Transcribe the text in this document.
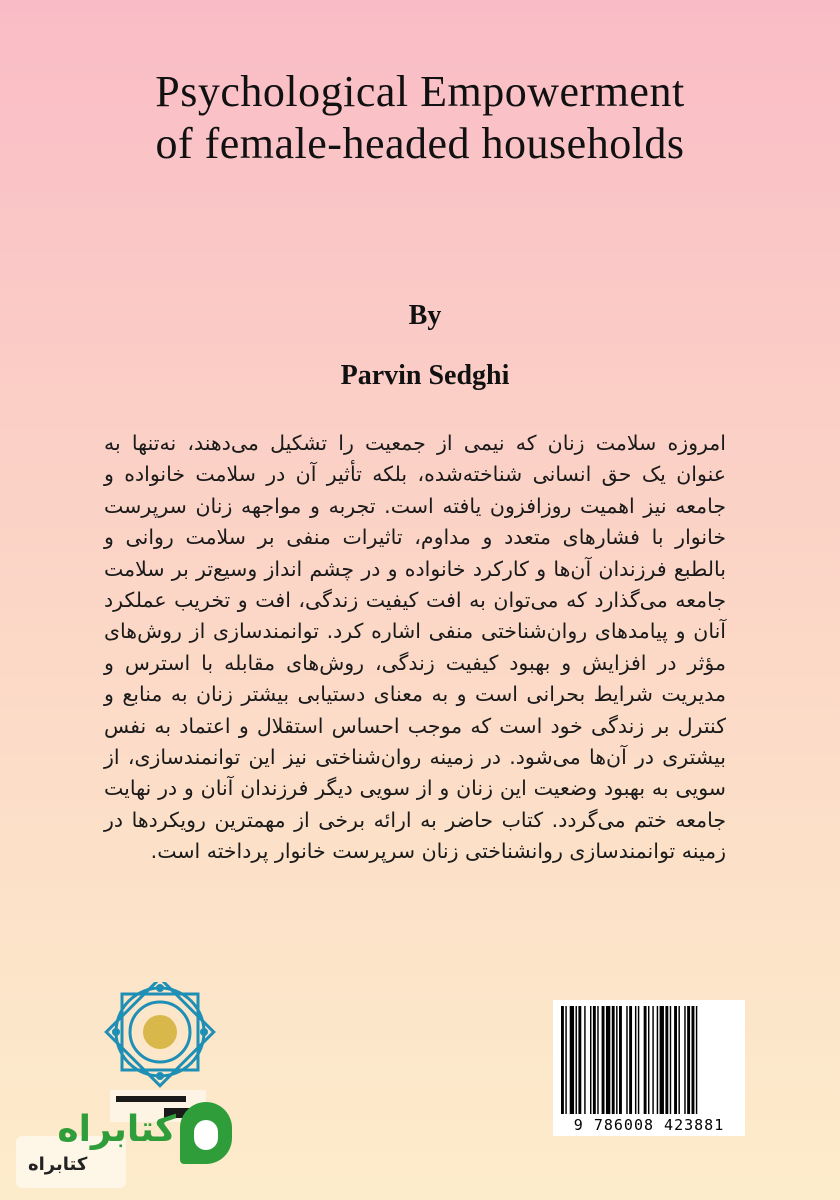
Psychological Empowerment
of female-headed households
By
Parvin Sedghi
امروزه سلامت زنان که نیمی از جمعیت را تشکیل می‌دهند، نه‌تنها به عنوان یک حق انسانی شناخته‌شده، بلکه تأثیر آن در سلامت خانواده و جامعه نیز اهمیت روزافزون یافته است. تجربه و مواجهه زنان سرپرست خانوار با فشارهای متعدد و مداوم، تاثیرات منفی بر سلامت روانی و بالطبع فرزندان آن‌ها و کارکرد خانواده و در چشم انداز وسیع‌تر بر سلامت جامعه می‌گذارد که می‌توان به افت کیفیت زندگی، افت و تخریب عملکرد آنان و پیامدهای روان‌شناختی منفی اشاره کرد. توانمندسازی از روش‌های مؤثر در افزایش و بهبود کیفیت زندگی، روش‌های مقابله با استرس و مدیریت شرایط بحرانی است و به معنای دستیابی بیشتر زنان به منابع و کنترل بر زندگی خود است که موجب احساس استقلال و اعتماد به نفس بیشتری در آن‌ها می‌شود. در زمینه روان‌شناختی نیز این توانمندسازی، از سویی به بهبود وضعیت این زنان و از سویی دیگر فرزندان آنان و در نهایت جامعه ختم می‌گردد. کتاب حاضر به ارائه برخی از مهمترین رویکردها در زمینه توانمندسازی روانشناختی زنان سرپرست خانوار پرداخته است.
9 786008 423881
کتابراه
کتابراه
